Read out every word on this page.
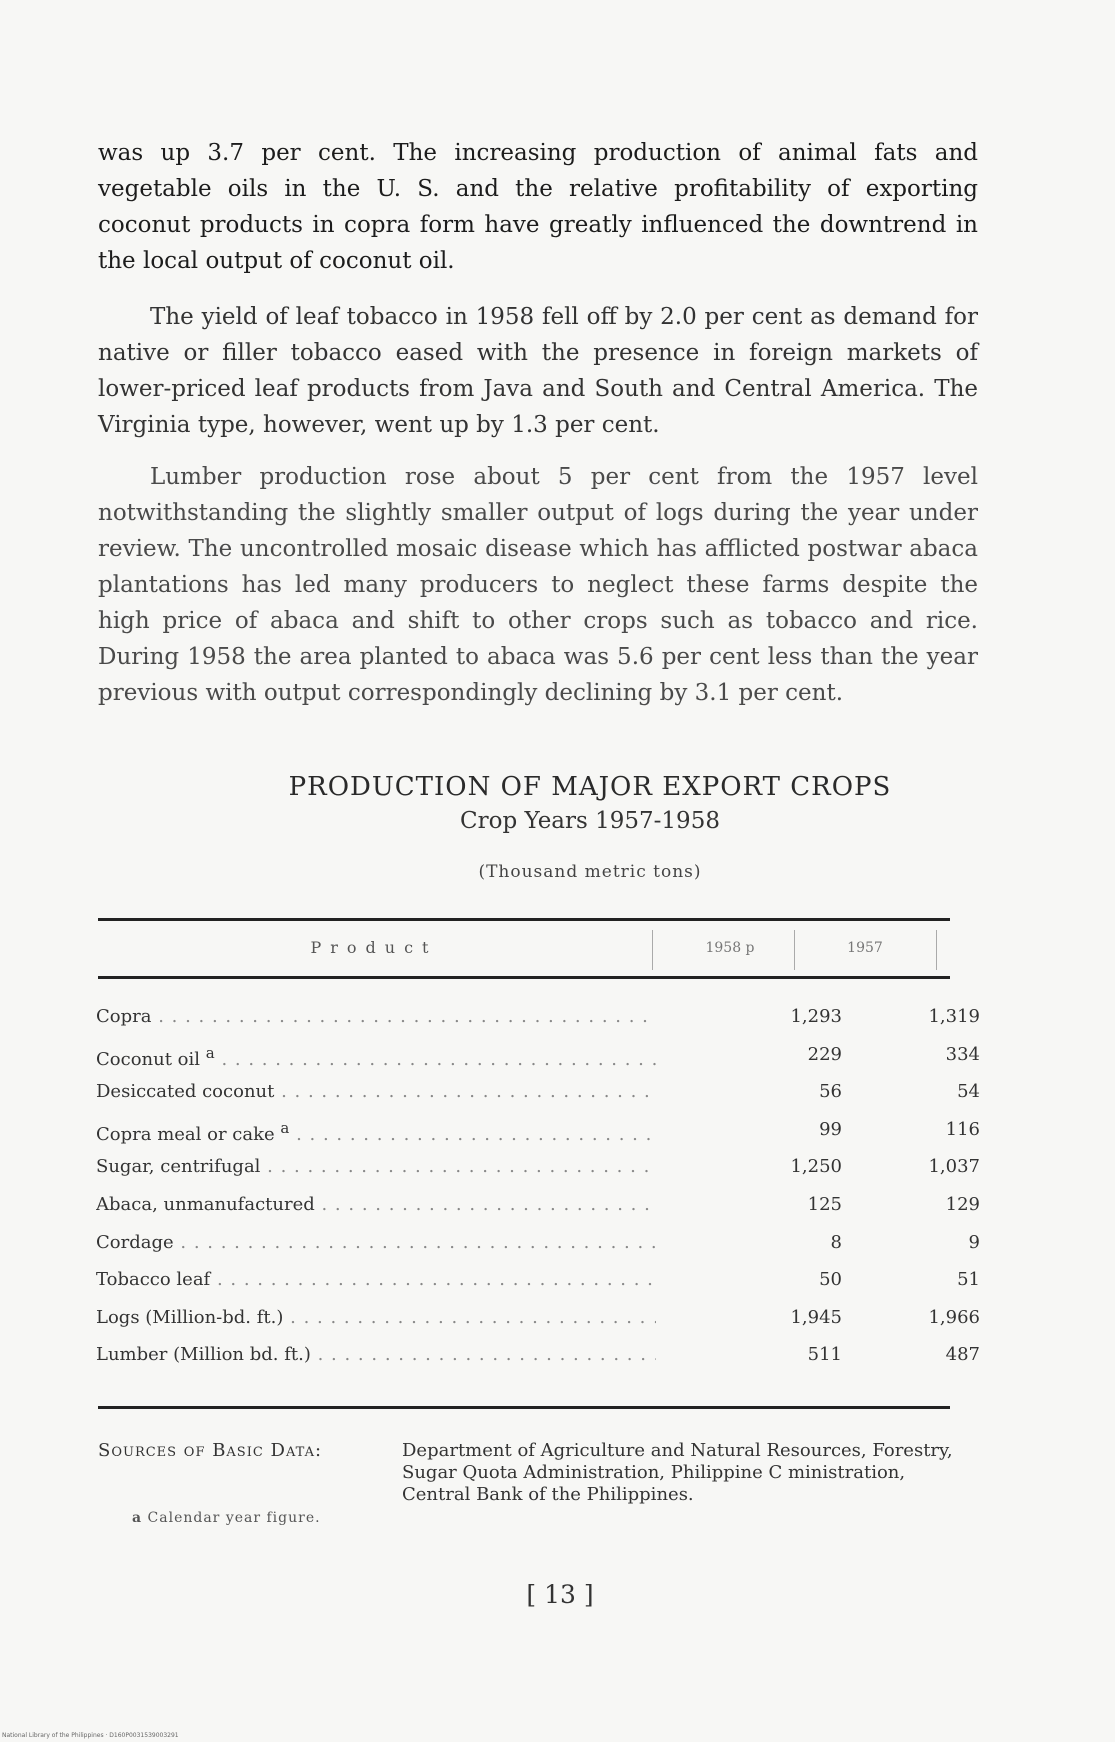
was up 3.7 per cent. The increasing production of animal fats and vegetable oils in the U. S. and the relative profitability of exporting coconut products in copra form have greatly influenced the downtrend in the local output of coconut oil.

The yield of leaf tobacco in 1958 fell off by 2.0 per cent as demand for native or filler tobacco eased with the presence in foreign markets of lower-priced leaf products from Java and South and Central America. The Virginia type, however, went up by 1.3 per cent.

Lumber production rose about 5 per cent from the 1957 level notwithstanding the slightly smaller output of logs during the year under review. The uncontrolled mosaic disease which has afflicted postwar abaca plantations has led many producers to neglect these farms despite the high price of abaca and shift to other crops such as tobacco and rice. During 1958 the area planted to abaca was 5.6 per cent less than the year previous with output correspondingly declining by 3.1 per cent.

PRODUCTION OF MAJOR EXPORT CROPS
Crop Years 1957-1958
(Thousand metric tons)
Product	1958 p	1957
Copra . . .	1,293	1,319
Coconut oil $^a$ . . .	229	334
Desiccated coconut . . .	56	54
Copra meal or cake $^a$ . . .	99	116
Sugar, centrifugal . . .	1,250	1,037
Abaca, unmanufactured . . .	125	129
Cordage . . .	8	9
Tobacco leaf . . .	50	51
Logs (Million-bd. ft.) . . .	1,945	1,966
Lumber (Million bd. ft.) . . .	511	487
Sources of Basic Data:	Department of Agriculture and Natural Resources, Forestry, Sugar Quota Administration, Philippine C ministration, Central Bank of the Philippines.
a Calendar year figure.
[ 13 ]
National Library of the Philippines · D160P0031539003291
